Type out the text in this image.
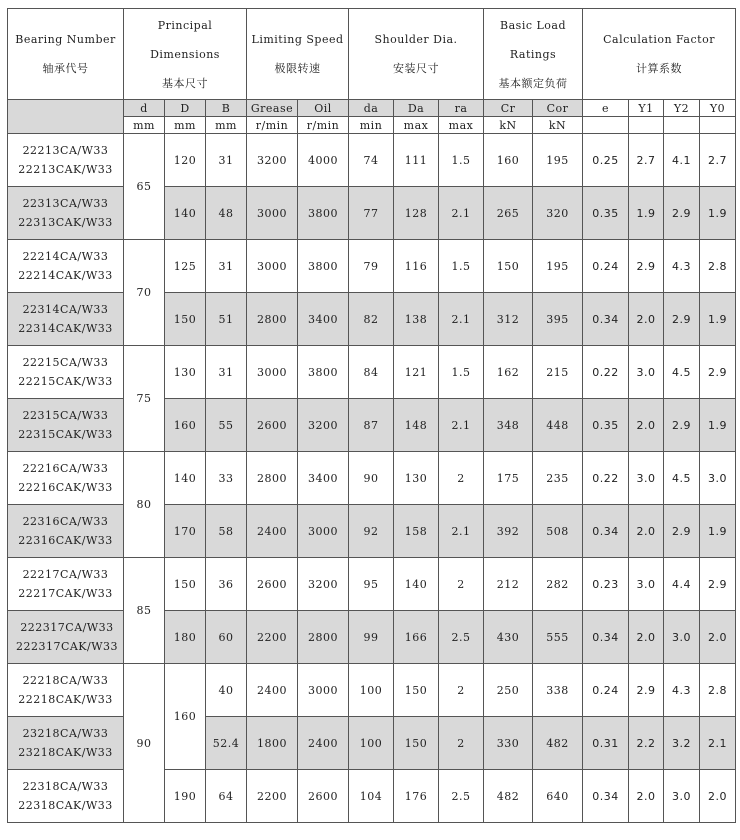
Bearing Number
轴承代号	Principal
Dimensions
基本尺寸			Limiting Speed
极限转速		Shoulder Dia.
安装尺寸			Basic Load
Ratings
基本额定负荷		Calculation Factor
计算系数			
	d	D	B	Grease	Oil	da	Da	ra	Cr	Cor	e	Y1	Y2	Y0
	mm	mm	mm	r/min	r/min	min	max	max	kN	kN				
22213CA/W33
22213CAK/W33	65	120	31	3200	4000	74	111	1.5	160	195	0.25	2.7	4.1	2.7
22313CA/W33
22313CAK/W33		140	48	3000	3800	77	128	2.1	265	320	0.35	1.9	2.9	1.9
22214CA/W33
22214CAK/W33	70	125	31	3000	3800	79	116	1.5	150	195	0.24	2.9	4.3	2.8
22314CA/W33
22314CAK/W33		150	51	2800	3400	82	138	2.1	312	395	0.34	2.0	2.9	1.9
22215CA/W33
22215CAK/W33	75	130	31	3000	3800	84	121	1.5	162	215	0.22	3.0	4.5	2.9
22315CA/W33
22315CAK/W33		160	55	2600	3200	87	148	2.1	348	448	0.35	2.0	2.9	1.9
22216CA/W33
22216CAK/W33	80	140	33	2800	3400	90	130	2	175	235	0.22	3.0	4.5	3.0
22316CA/W33
22316CAK/W33		170	58	2400	3000	92	158	2.1	392	508	0.34	2.0	2.9	1.9
22217CA/W33
22217CAK/W33	85	150	36	2600	3200	95	140	2	212	282	0.23	3.0	4.4	2.9
222317CA/W33
222317CAK/W33		180	60	2200	2800	99	166	2.5	430	555	0.34	2.0	3.0	2.0
22218CA/W33
22218CAK/W33	90	160	40	2400	3000	100	150	2	250	338	0.24	2.9	4.3	2.8
23218CA/W33
23218CAK/W33			52.4	1800	2400	100	150	2	330	482	0.31	2.2	3.2	2.1
22318CA/W33
22318CAK/W33		190	64	2200	2600	104	176	2.5	482	640	0.34	2.0	3.0	2.0
